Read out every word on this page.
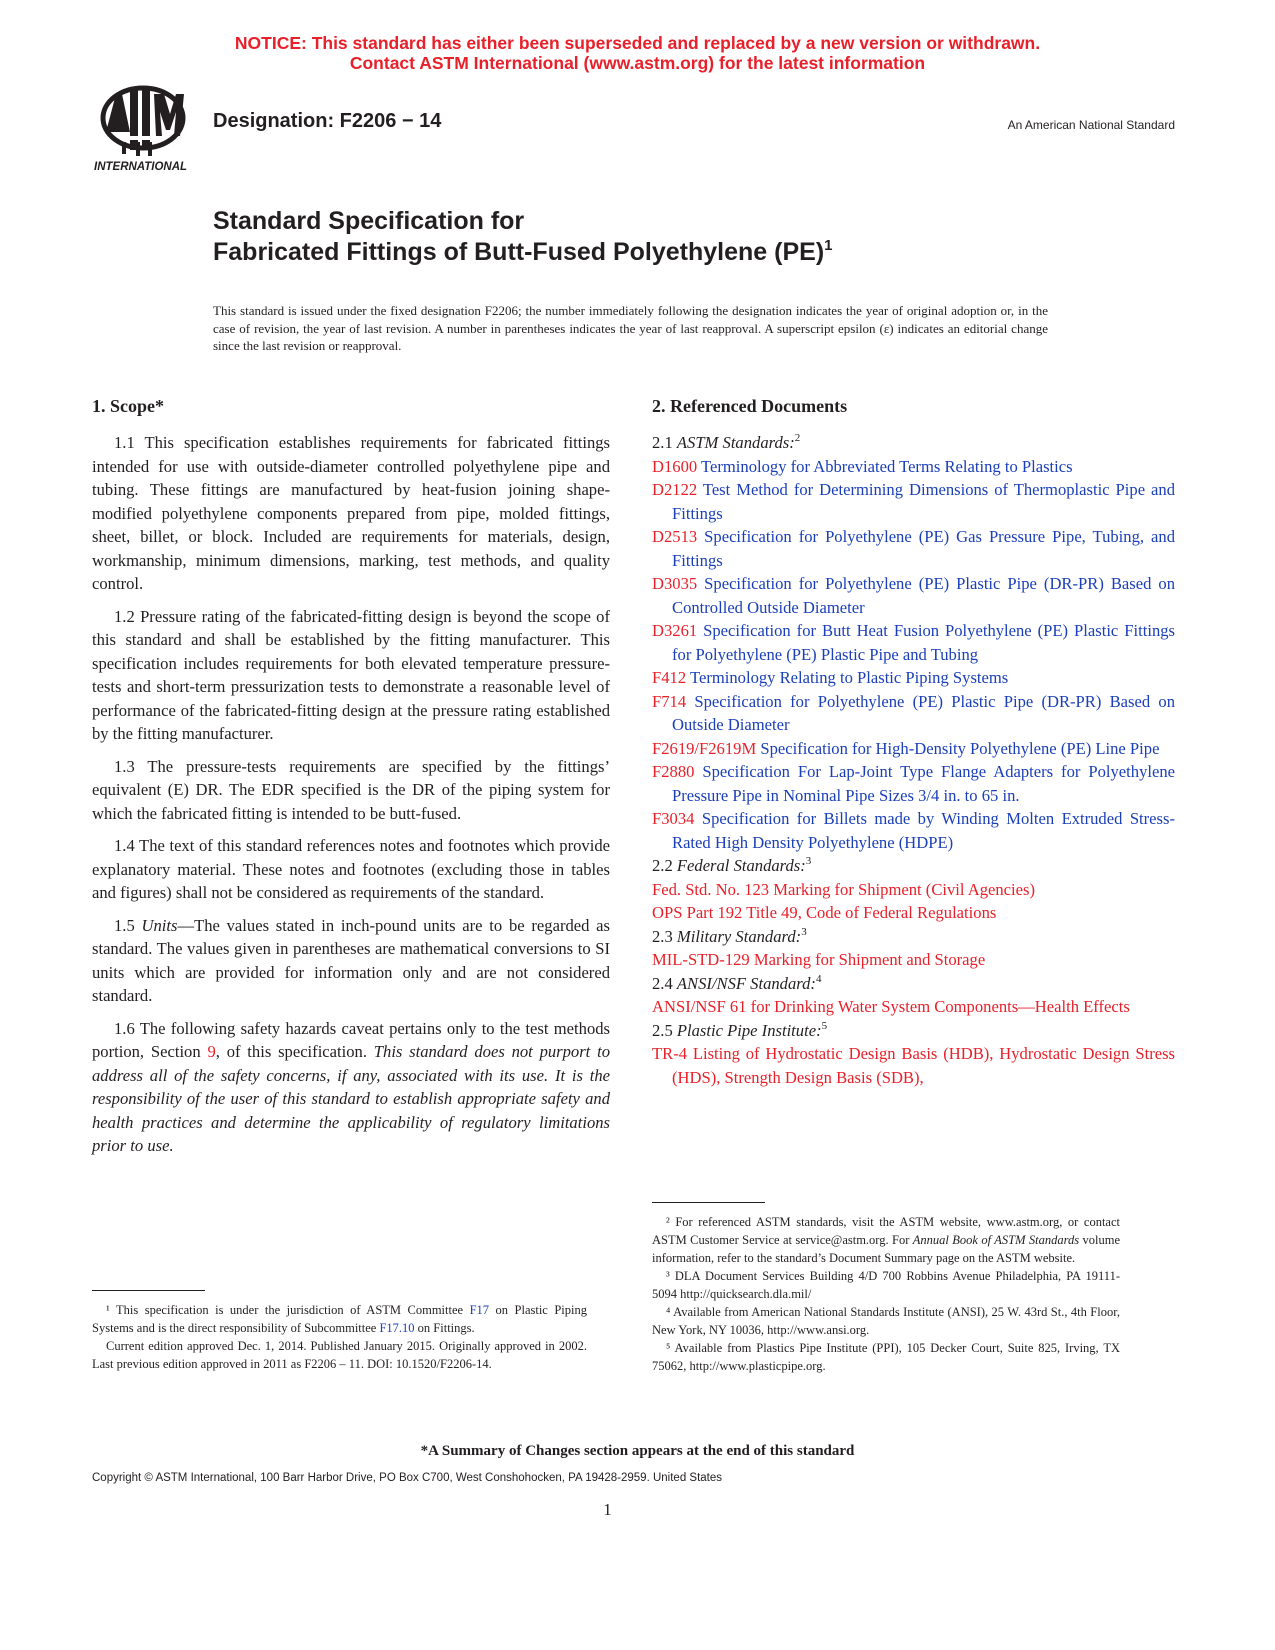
NOTICE: This standard has either been superseded and replaced by a new version or withdrawn.
Contact ASTM International (www.astm.org) for the latest information
INTERNATIONAL
Designation: F2206 − 14	An American National Standard
Standard Specification for
Fabricated Fittings of Butt-Fused Polyethylene (PE)$^1$
This standard is issued under the fixed designation F2206; the number immediately following the designation indicates the year of original adoption or, in the case of revision, the year of last revision. A number in parentheses indicates the year of last reapproval. A superscript epsilon (ε) indicates an editorial change since the last revision or reapproval.
1. Scope*

1.1 This specification establishes requirements for fabricated fittings intended for use with outside-diameter controlled polyethylene pipe and tubing. These fittings are manufactured by heat-fusion joining shape-modified polyethylene components prepared from pipe, molded fittings, sheet, billet, or block. Included are requirements for materials, design, workmanship, minimum dimensions, marking, test methods, and quality control.

1.2 Pressure rating of the fabricated-fitting design is beyond the scope of this standard and shall be established by the fitting manufacturer. This specification includes requirements for both elevated temperature pressure-tests and short-term pressurization tests to demonstrate a reasonable level of performance of the fabricated-fitting design at the pressure rating established by the fitting manufacturer.

1.3 The pressure-tests requirements are specified by the fittings’ equivalent (E) DR. The EDR specified is the DR of the piping system for which the fabricated fitting is intended to be butt-fused.

1.4 The text of this standard references notes and footnotes which provide explanatory material. These notes and footnotes (excluding those in tables and figures) shall not be considered as requirements of the standard.

1.5 Units—The values stated in inch-pound units are to be regarded as standard. The values given in parentheses are mathematical conversions to SI units which are provided for information only and are not considered standard.

1.6 The following safety hazards caveat pertains only to the test methods portion, Section 9, of this specification. This standard does not purport to address all of the safety concerns, if any, associated with its use. It is the responsibility of the user of this standard to establish appropriate safety and health practices and determine the applicability of regulatory limitations prior to use.

¹ This specification is under the jurisdiction of ASTM Committee F17 on Plastic Piping Systems and is the direct responsibility of Subcommittee F17.10 on Fittings.

Current edition approved Dec. 1, 2014. Published January 2015. Originally approved in 2002. Last previous edition approved in 2011 as F2206 – 11. DOI: 10.1520/F2206-14.

2. Referenced Documents

2.1 ASTM Standards:$^2$

D1600 Terminology for Abbreviated Terms Relating to Plastics

D2122 Test Method for Determining Dimensions of Thermoplastic Pipe and Fittings

D2513 Specification for Polyethylene (PE) Gas Pressure Pipe, Tubing, and Fittings

D3035 Specification for Polyethylene (PE) Plastic Pipe (DR-PR) Based on Controlled Outside Diameter

D3261 Specification for Butt Heat Fusion Polyethylene (PE) Plastic Fittings for Polyethylene (PE) Plastic Pipe and Tubing

F412 Terminology Relating to Plastic Piping Systems

F714 Specification for Polyethylene (PE) Plastic Pipe (DR-PR) Based on Outside Diameter

F2619/F2619M Specification for High-Density Polyethylene (PE) Line Pipe

F2880 Specification For Lap-Joint Type Flange Adapters for Polyethylene Pressure Pipe in Nominal Pipe Sizes 3/4 in. to 65 in.

F3034 Specification for Billets made by Winding Molten Extruded Stress-Rated High Density Polyethylene (HDPE)

2.2 Federal Standards:$^3$

Fed. Std. No. 123 Marking for Shipment (Civil Agencies)

OPS Part 192 Title 49, Code of Federal Regulations

2.3 Military Standard:$^3$

MIL-STD-129 Marking for Shipment and Storage

2.4 ANSI/NSF Standard:$^4$

ANSI/NSF 61 for Drinking Water System Components—Health Effects

2.5 Plastic Pipe Institute:$^5$

TR-4 Listing of Hydrostatic Design Basis (HDB), Hydrostatic Design Stress (HDS), Strength Design Basis (SDB),

² For referenced ASTM standards, visit the ASTM website, www.astm.org, or contact ASTM Customer Service at service@astm.org. For Annual Book of ASTM Standards volume information, refer to the standard’s Document Summary page on the ASTM website.

³ DLA Document Services Building 4/D 700 Robbins Avenue Philadelphia, PA 19111-5094 http://quicksearch.dla.mil/

⁴ Available from American National Standards Institute (ANSI), 25 W. 43rd St., 4th Floor, New York, NY 10036, http://www.ansi.org.

⁵ Available from Plastics Pipe Institute (PPI), 105 Decker Court, Suite 825, Irving, TX 75062, http://www.plasticpipe.org.

*A Summary of Changes section appears at the end of this standard
Copyright © ASTM International, 100 Barr Harbor Drive, PO Box C700, West Conshohocken, PA 19428-2959. United States
1
